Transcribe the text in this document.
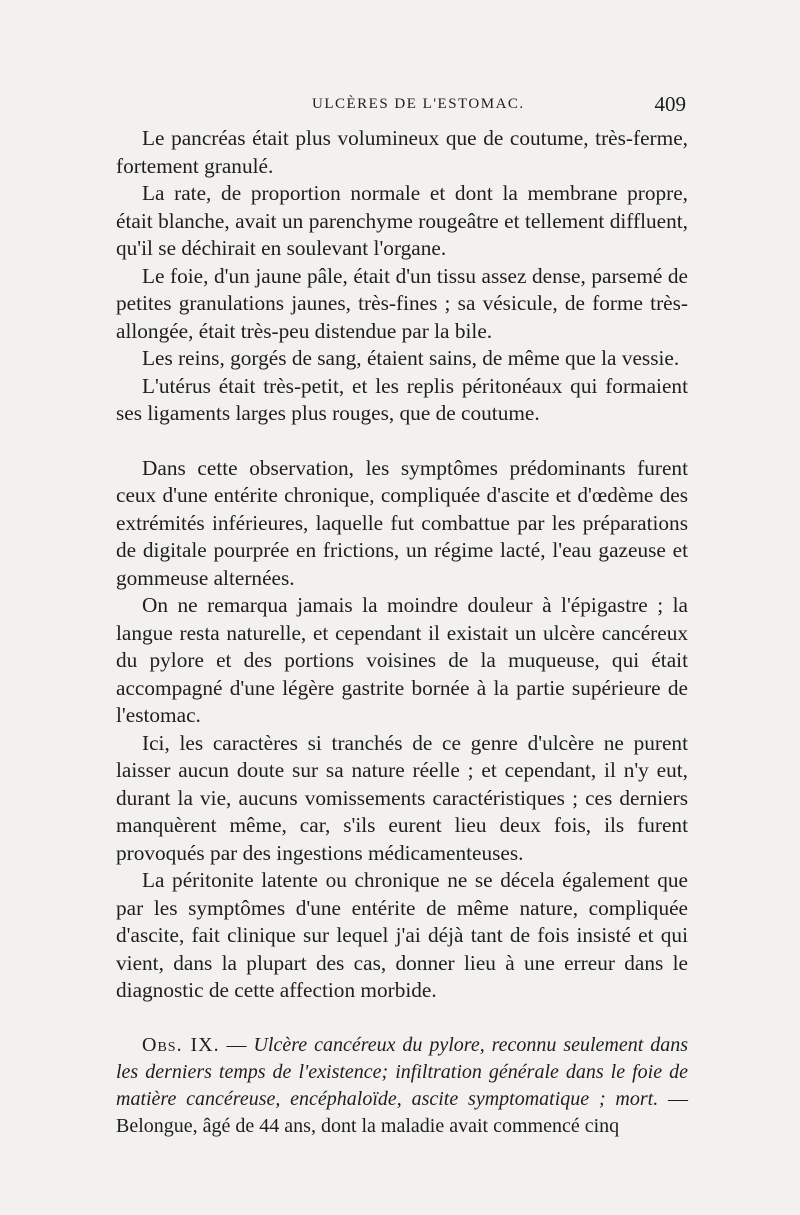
ULCÈRES DE L'ESTOMAC.	409

Le pancréas était plus volumineux que de coutume, très-ferme, fortement granulé.

La rate, de proportion normale et dont la membrane propre, était blanche, avait un parenchyme rougeâtre et tellement diffluent, qu'il se déchirait en soulevant l'organe.

Le foie, d'un jaune pâle, était d'un tissu assez dense, parsemé de petites granulations jaunes, très-fines ; sa vésicule, de forme très-allongée, était très-peu distendue par la bile.

Les reins, gorgés de sang, étaient sains, de même que la vessie.

L'utérus était très-petit, et les replis péritonéaux qui formaient ses ligaments larges plus rouges, que de coutume.

Dans cette observation, les symptômes prédominants furent ceux d'une entérite chronique, compliquée d'ascite et d'œdème des extrémités inférieures, laquelle fut combattue par les préparations de digitale pourprée en frictions, un régime lacté, l'eau gazeuse et gommeuse alternées.

On ne remarqua jamais la moindre douleur à l'épigastre ; la langue resta naturelle, et cependant il existait un ulcère cancéreux du pylore et des portions voisines de la muqueuse, qui était accompagné d'une légère gastrite bornée à la partie supérieure de l'estomac.

Ici, les caractères si tranchés de ce genre d'ulcère ne purent laisser aucun doute sur sa nature réelle ; et cependant, il n'y eut, durant la vie, aucuns vomissements caractéristiques ; ces derniers manquèrent même, car, s'ils eurent lieu deux fois, ils furent provoqués par des ingestions médicamenteuses.

La péritonite latente ou chronique ne se décela également que par les symptômes d'une entérite de même nature, compliquée d'ascite, fait clinique sur lequel j'ai déjà tant de fois insisté et qui vient, dans la plupart des cas, donner lieu à une erreur dans le diagnostic de cette affection morbide.

Obs. IX. — Ulcère cancéreux du pylore, reconnu seulement dans les derniers temps de l'existence; infiltration générale dans le foie de matière cancéreuse, encéphaloïde, ascite symptomatique ; mort. — Belongue, âgé de 44 ans, dont la maladie avait commencé cinq
